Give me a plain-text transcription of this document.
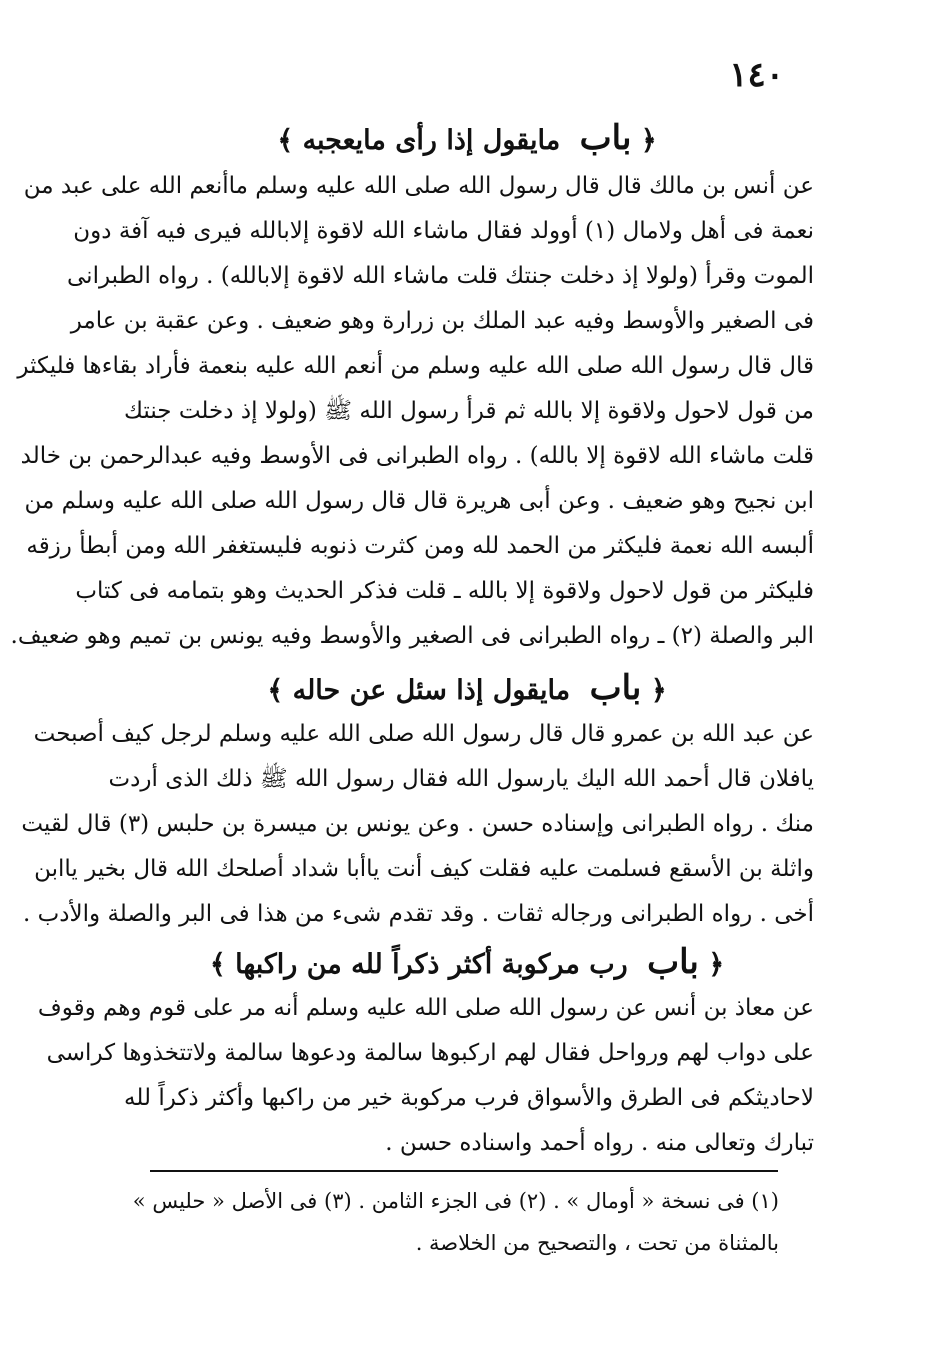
١٤٠
﴿ باب مايقول إذا رأى مايعجبه ﴾
عن أنس بن مالك قال قال رسول الله صلى الله عليه وسلم ماأنعم الله على عبد من
نعمة فى أهل ولامال (١) أوولد فقال ماشاء الله لاقوة إلابالله فيرى فيه آفة دون
الموت وقرأ (ولولا إذ دخلت جنتك قلت ماشاء الله لاقوة إلابالله) . رواه الطبرانى
فى الصغير والأوسط وفيه عبد الملك بن زرارة وهو ضعيف . وعن عقبة بن عامر
قال قال رسول الله صلى الله عليه وسلم من أنعم الله عليه بنعمة فأراد بقاءها فليكثر
من قول لاحول ولاقوة إلا بالله ثم قرأ رسول الله ﷺ (ولولا إذ دخلت جنتك
قلت ماشاء الله لاقوة إلا بالله) . رواه الطبرانى فى الأوسط وفيه عبدالرحمن بن خالد
ابن نجيح وهو ضعيف . وعن أبى هريرة قال قال رسول الله صلى الله عليه وسلم من
ألبسه الله نعمة فليكثر من الحمد لله ومن كثرت ذنوبه فليستغفر الله ومن أبطأ رزقه
فليكثر من قول لاحول ولاقوة إلا بالله ـ قلت فذكر الحديث وهو بتمامه فى كتاب
البر والصلة (٢) ـ رواه الطبرانى فى الصغير والأوسط وفيه يونس بن تميم وهو ضعيف.
﴿ باب مايقول إذا سئل عن حاله ﴾
عن عبد الله بن عمرو قال قال رسول الله صلى الله عليه وسلم لرجل كيف أصبحت
يافلان قال أحمد الله اليك يارسول الله فقال رسول الله ﷺ ذلك الذى أردت
منك . رواه الطبرانى وإسناده حسن . وعن يونس بن ميسرة بن حلبس (٣) قال لقيت
واثلة بن الأسقع فسلمت عليه فقلت كيف أنت ياأبا شداد أصلحك الله قال بخير ياابن
أخى . رواه الطبرانى ورجاله ثقات . وقد تقدم شىء من هذا فى البر والصلة والأدب .
﴿ باب رب مركوبة أكثر ذكراً لله من راكبها ﴾
عن معاذ بن أنس عن رسول الله صلى الله عليه وسلم أنه مر على قوم وهم وقوف
على دواب لهم ورواحل فقال لهم اركبوها سالمة ودعوها سالمة ولاتتخذوها كراسى
لاحاديثكم فى الطرق والأسواق فرب مركوبة خير من راكبها وأكثر ذكراً لله
تبارك وتعالى منه . رواه أحمد واسناده حسن .
(١) فى نسخة « أومال » . (٢) فى الجزء الثامن . (٣) فى الأصل « حليس »
بالمثناة من تحت ، والتصحيح من الخلاصة .
